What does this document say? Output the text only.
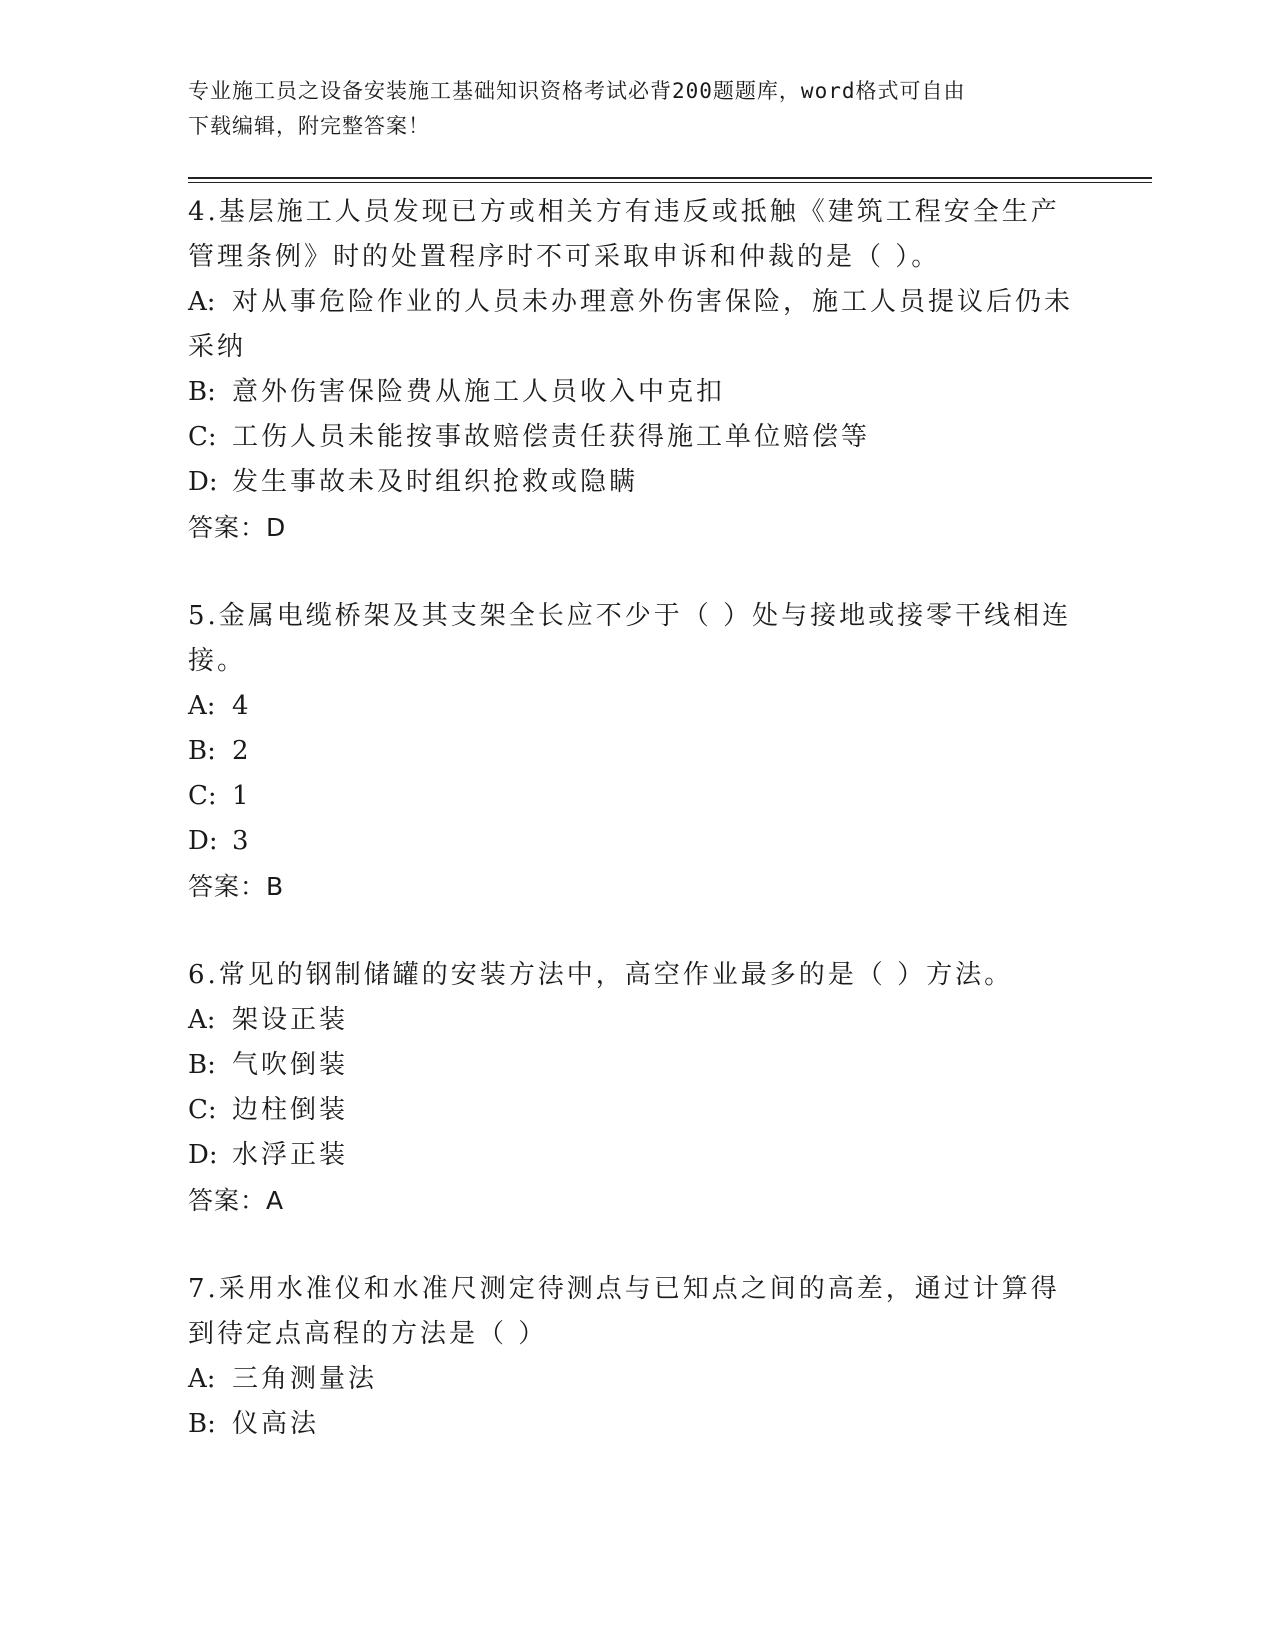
专业施工员之设备安装施工基础知识资格考试必背200题题库，word格式可自由
下载编辑，附完整答案！

4.基层施工人员发现已方或相关方有违反或抵触《建筑工程安全生产

管理条例》时的处置程序时不可采取申诉和仲裁的是（ ）。

A: 对从事危险作业的人员未办理意外伤害保险，施工人员提议后仍未

采纳

B: 意外伤害保险费从施工人员收入中克扣

C: 工伤人员未能按事故赔偿责任获得施工单位赔偿等

D: 发生事故未及时组织抢救或隐瞒

答案：D

5.金属电缆桥架及其支架全长应不少于（ ）处与接地或接零干线相连

接。

A: 4

B: 2

C: 1

D: 3

答案：B

6.常见的钢制储罐的安装方法中，高空作业最多的是（ ）方法。

A: 架设正装

B: 气吹倒装

C: 边柱倒装

D: 水浮正装

答案：A

7.采用水准仪和水准尺测定待测点与已知点之间的高差，通过计算得

到待定点高程的方法是（ ）

A: 三角测量法

B: 仪高法
